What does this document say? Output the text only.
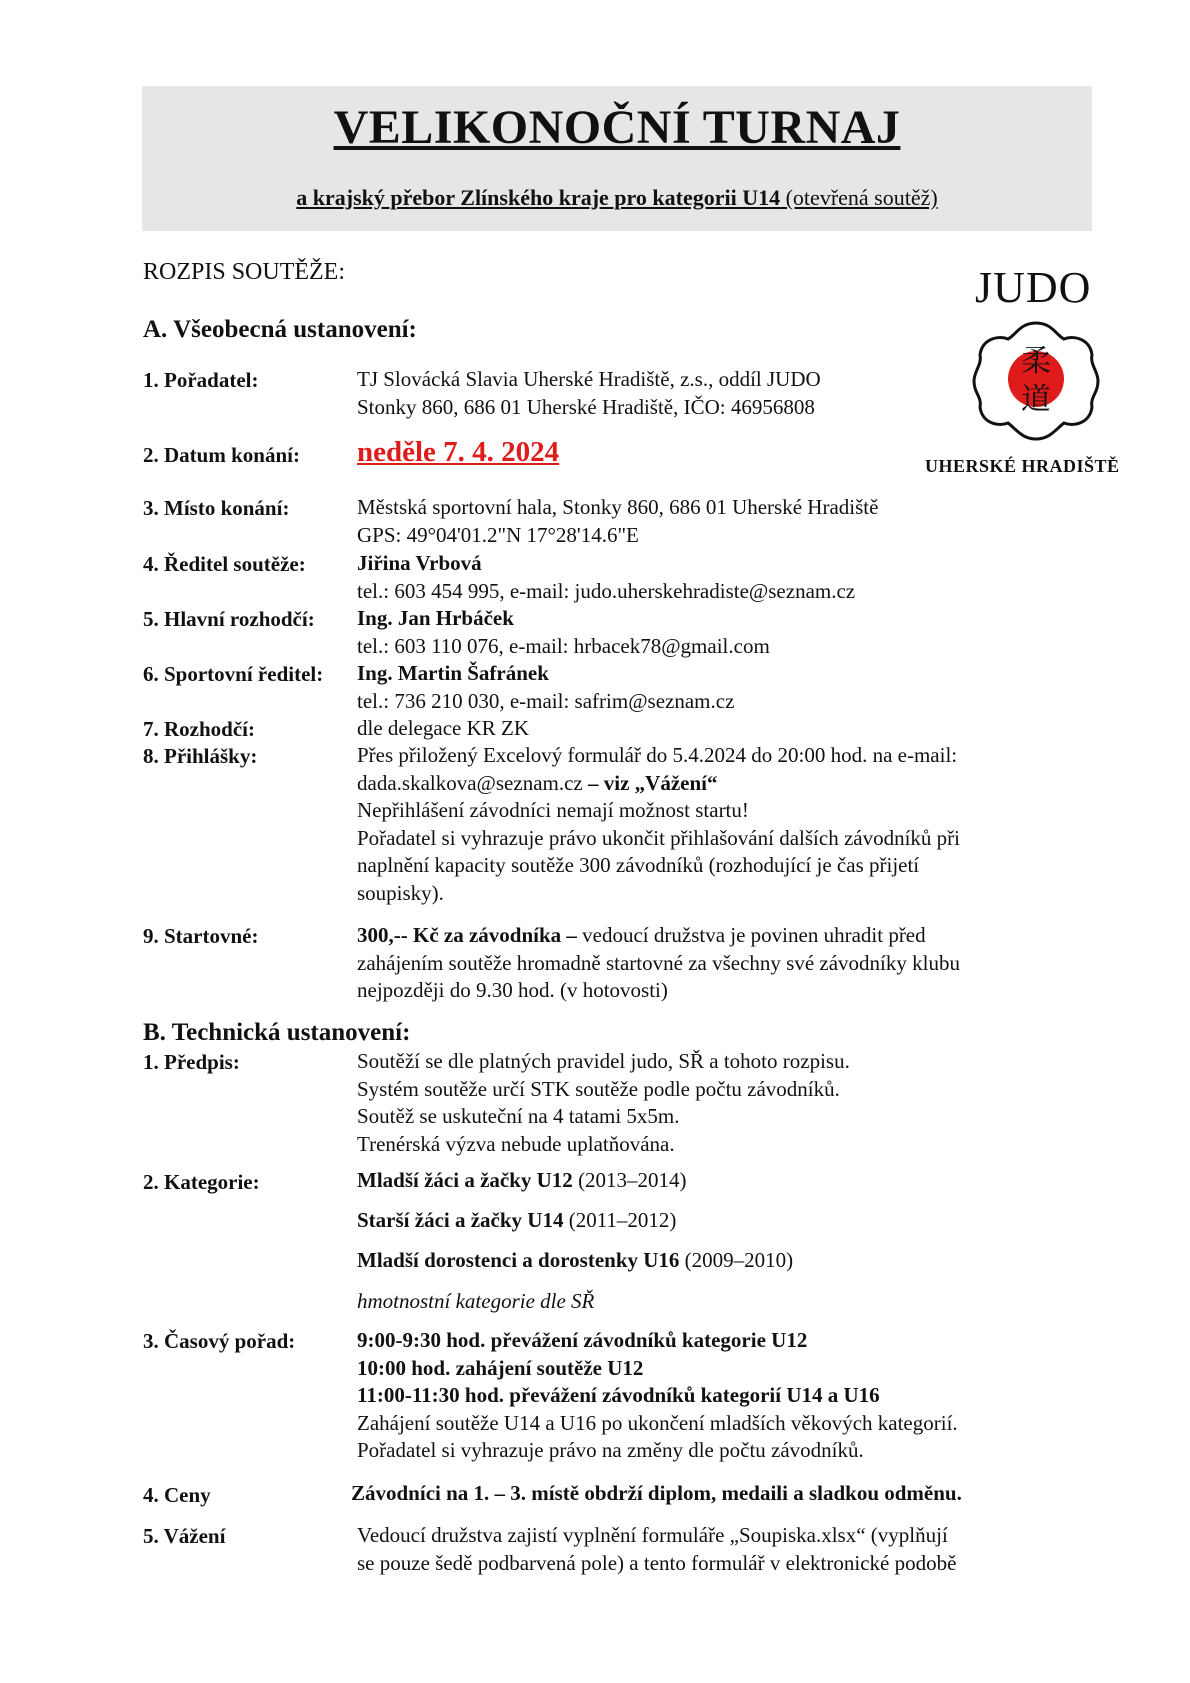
VELIKONOČNÍ TURNAJ
a krajský přebor Zlínského kraje pro kategorii U14 (otevřená soutěž)
JUDO
柔
道
UHERSKÉ HRADIŠTĚ
ROZPIS SOUTĚŽE:
A. Všeobecná ustanovení:
1. Pořadatel:	TJ Slovácká Slavia Uherské Hradiště, z.s., oddíl JUDO
Stonky 860, 686 01 Uherské Hradiště, IČO: 46956808
2. Datum konání: neděle 7. 4. 2024
3. Místo konání:	Městská sportovní hala, Stonky 860, 686 01 Uherské Hradiště
GPS: 49°04'01.2"N 17°28'14.6"E
4. Ředitel soutěže: Jiřina Vrbová
tel.: 603 454 995, e-mail: judo.uherskehradiste@seznam.cz
5. Hlavní rozhodčí: Ing. Jan Hrbáček
tel.: 603 110 076, e-mail: hrbacek78@gmail.com
6. Sportovní ředitel: Ing. Martin Šafránek
tel.: 736 210 030, e-mail: safrim@seznam.cz
7. Rozhodčí:	dle delegace KR ZK
8. Přihlášky:	Přes přiložený Excelový formulář do 5.4.2024 do 20:00 hod. na e-mail:
dada.skalkova@seznam.cz – viz „Vážení“
Nepřihlášení závodníci nemají možnost startu!
Pořadatel si vyhrazuje právo ukončit přihlašování dalších závodníků při
naplnění kapacity soutěže 300 závodníků (rozhodující je čas přijetí
soupisky).
9. Startovné:	300,-- Kč za závodníka – vedoucí družstva je povinen uhradit před
zahájením soutěže hromadně startovné za všechny své závodníky klubu
nejpozději do 9.30 hod. (v hotovosti)
B. Technická ustanovení:
1. Předpis:	Soutěží se dle platných pravidel judo, SŘ a tohoto rozpisu.
Systém soutěže určí STK soutěže podle počtu závodníků.
Soutěž se uskuteční na 4 tatami 5x5m.
Trenérská výzva nebude uplatňována.
2. Kategorie:	Mladší žáci a žačky U12 (2013–2014)
Starší žáci a žačky U14 (2011–2012)
Mladší dorostenci a dorostenky U16 (2009–2010)
hmotnostní kategorie dle SŘ
3. Časový pořad:	9:00-9:30 hod. převážení závodníků kategorie U12
10:00 hod. zahájení soutěže U12
11:00-11:30 hod. převážení závodníků kategorií U14 a U16
Zahájení soutěže U14 a U16 po ukončení mladších věkových kategorií.
Pořadatel si vyhrazuje právo na změny dle počtu závodníků.
4. Ceny	Závodníci na 1. – 3. místě obdrží diplom, medaili a sladkou odměnu.
5. Vážení	Vedoucí družstva zajistí vyplnění formuláře „Soupiska.xlsx“ (vyplňují
se pouze šedě podbarvená pole) a tento formulář v elektronické podobě
